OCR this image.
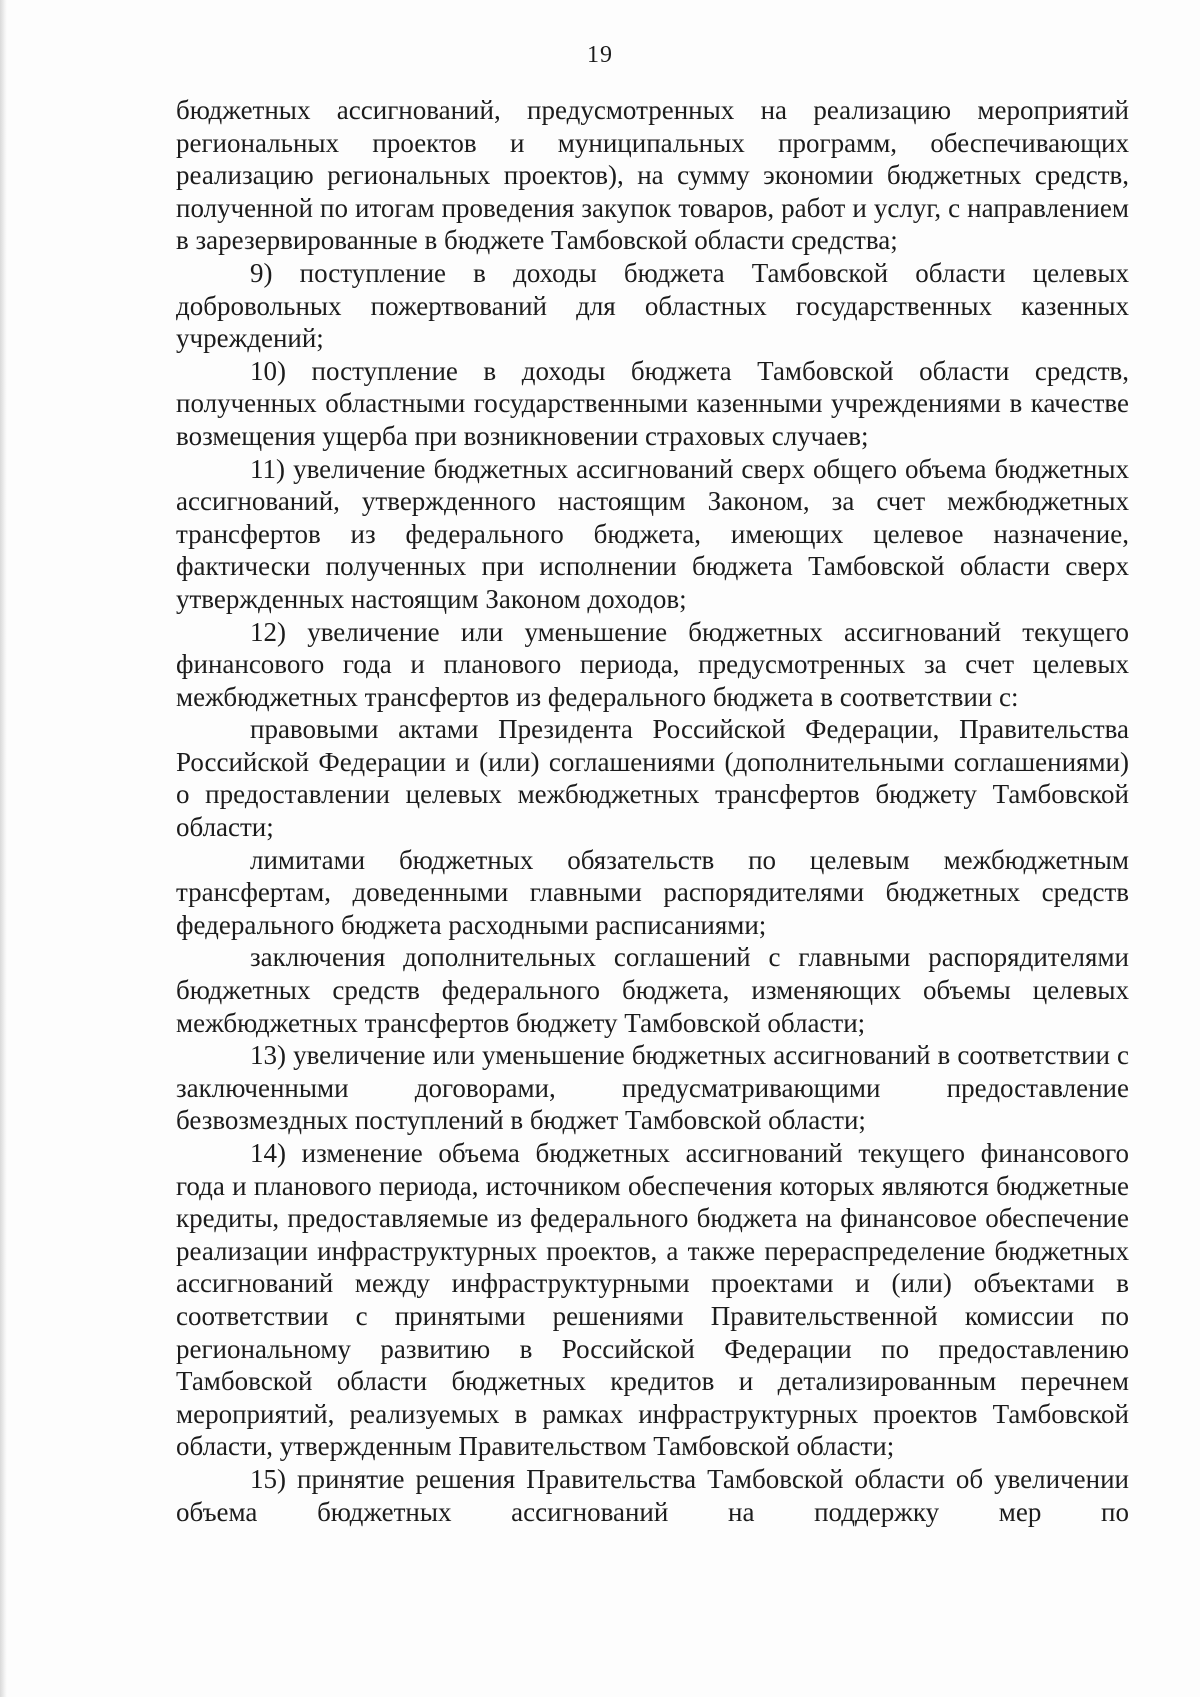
19

бюджетных ассигнований, предусмотренных на реализацию мероприятий региональных проектов и муниципальных программ, обеспечивающих реализацию региональных проектов), на сумму экономии бюджетных средств, полученной по итогам проведения закупок товаров, работ и услуг, с направлением в зарезервированные в бюджете Тамбовской области средства;

9) поступление в доходы бюджета Тамбовской области целевых добровольных пожертвований для областных государственных казенных учреждений;

10) поступление в доходы бюджета Тамбовской области средств, полученных областными государственными казенными учреждениями в качестве возмещения ущерба при возникновении страховых случаев;

11) увеличение бюджетных ассигнований сверх общего объема бюджетных ассигнований, утвержденного настоящим Законом, за счет межбюджетных трансфертов из федерального бюджета, имеющих целевое назначение, фактически полученных при исполнении бюджета Тамбовской области сверх утвержденных настоящим Законом доходов;

12) увеличение или уменьшение бюджетных ассигнований текущего финансового года и планового периода, предусмотренных за счет целевых межбюджетных трансфертов из федерального бюджета в соответствии с:

правовыми актами Президента Российской Федерации, Правительства Российской Федерации и (или) соглашениями (дополнительными соглашениями) о предоставлении целевых межбюджетных трансфертов бюджету Тамбовской области;

лимитами бюджетных обязательств по целевым межбюджетным трансфертам, доведенными главными распорядителями бюджетных средств федерального бюджета расходными расписаниями;

заключения дополнительных соглашений с главными распорядителями бюджетных средств федерального бюджета, изменяющих объемы целевых межбюджетных трансфертов бюджету Тамбовской области;

13) увеличение или уменьшение бюджетных ассигнований в соответствии с заключенными договорами, предусматривающими предоставление безвозмездных поступлений в бюджет Тамбовской области;

14) изменение объема бюджетных ассигнований текущего финансового года и планового периода, источником обеспечения которых являются бюджетные кредиты, предоставляемые из федерального бюджета на финансовое обеспечение реализации инфраструктурных проектов, а также перераспределение бюджетных ассигнований между инфраструктурными проектами и (или) объектами в соответствии с принятыми решениями Правительственной комиссии по региональному развитию в Российской Федерации по предоставлению Тамбовской области бюджетных кредитов и детализированным перечнем мероприятий, реализуемых в рамках инфраструктурных проектов Тамбовской области, утвержденным Правительством Тамбовской области;

15) принятие решения Правительства Тамбовской области об увеличении объема бюджетных ассигнований на поддержку мер по
